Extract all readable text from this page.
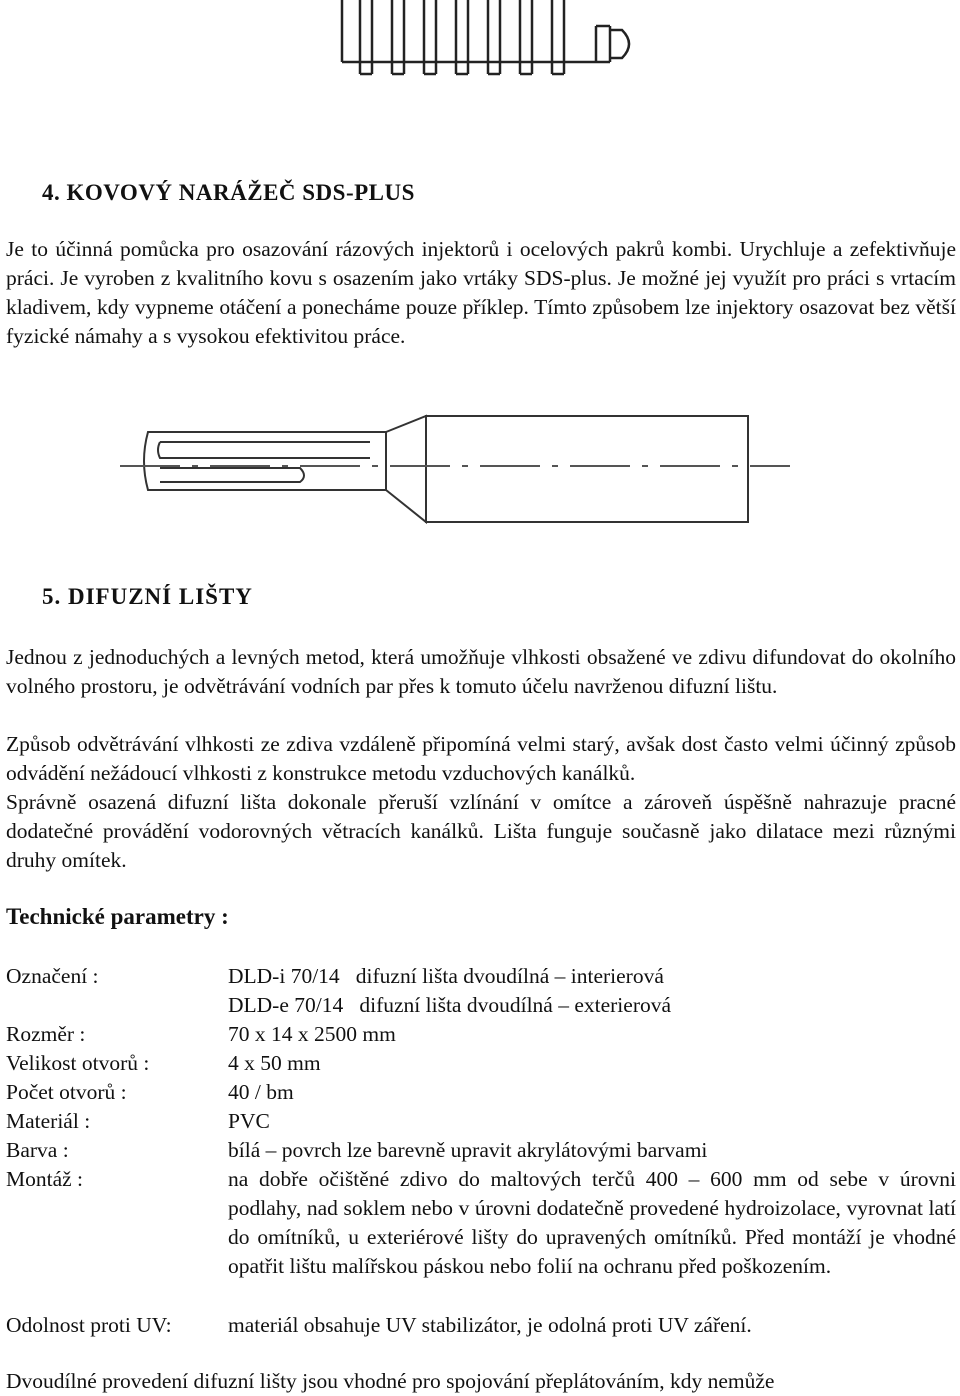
4. KOVOVÝ NARÁŽEČ SDS-PLUS

Je to účinná pomůcka pro osazování rázových injektorů i ocelových pakrů kombi. Urychluje a zefektivňuje práci. Je vyroben z kvalitního kovu s osazením jako vrtáky SDS-plus. Je možné jej využít pro práci s vrtacím kladivem, kdy vypneme otáčení a ponecháme pouze příklep. Tímto způsobem lze injektory osazovat bez větší fyzické námahy a s vysokou efektivitou práce.

5. DIFUZNÍ LIŠTY

Jednou z jednoduchých a levných metod, která umožňuje vlhkosti obsažené ve zdivu difundovat do okolního volného prostoru, je odvětrávání vodních par přes k tomuto účelu navrženou difuzní lištu.

Způsob odvětrávání vlhkosti ze zdiva vzdáleně připomíná velmi starý, avšak dost často velmi účinný způsob odvádění nežádoucí vlhkosti z konstrukce metodu vzduchových kanálků.

Správně osazená difuzní lišta dokonale přeruší vzlínání v omítce a zároveň úspěšně nahrazuje pracné dodatečné provádění vodorovných větracích kanálků. Lišta funguje současně jako dilatace mezi různými druhy omítek.

Technické parametry :
Označení :	DLD-i 70/14   difuzní lišta dvoudílná – interierová
DLD-e 70/14   difuzní lišta dvoudílná – exterierová
Rozměr :	70 x 14 x 2500 mm
Velikost otvorů :	4 x 50 mm
Počet otvorů :	40 / bm
Materiál :	PVC
Barva :	bílá – povrch lze barevně upravit akrylátovými barvami
Montáž :	na dobře očištěné zdivo do maltových terčů 400 – 600 mm od sebe v úrovni podlahy, nad soklem nebo v úrovni dodatečně provedené hydroizolace, vyrovnat latí do omítníků, u exteriérové lišty do upravených omítníků. Před montáží je vhodné opatřit lištu malířskou páskou nebo folií na ochranu před poškozením.

Odolnost proti UV:	materiál obsahuje UV stabilizátor, je odolná proti UV záření.
Dvoudílné provedení difuzní lišty jsou vhodné pro spojování přeplátováním, kdy nemůže
